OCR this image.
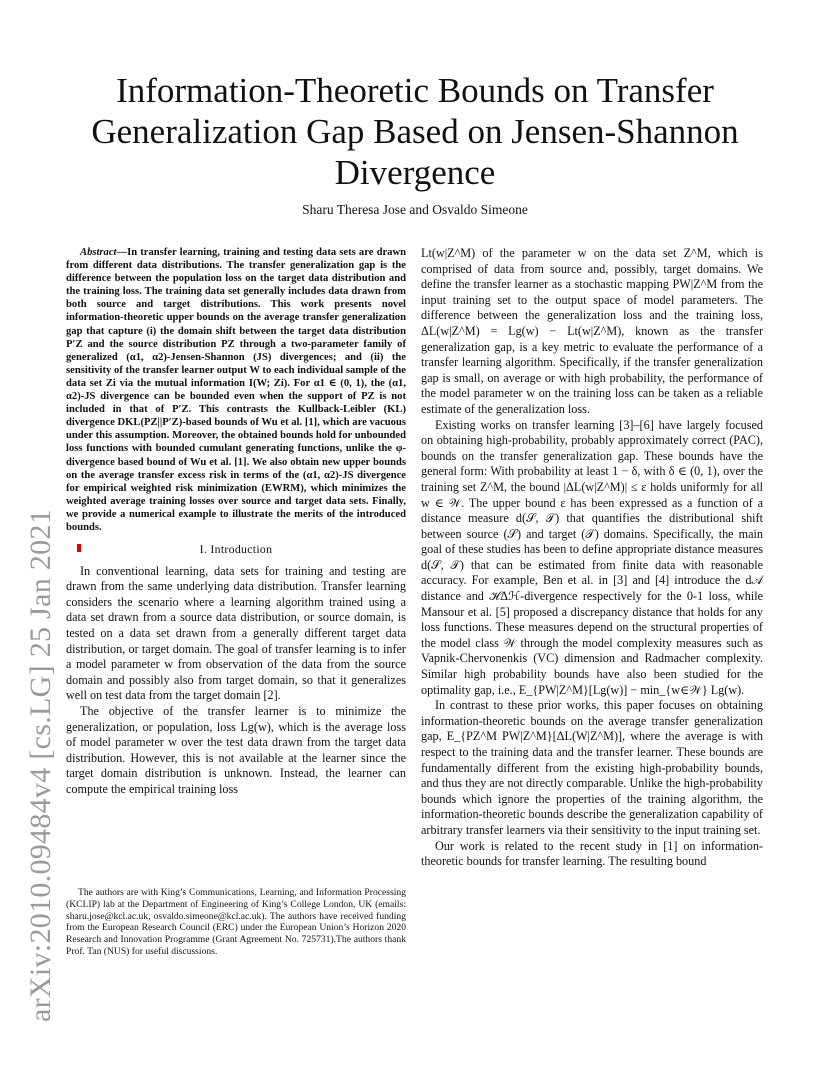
arXiv:2010.09484v4 [cs.LG] 25 Jan 2021
Information-Theoretic Bounds on Transfer Generalization Gap Based on Jensen-Shannon Divergence
Sharu Theresa Jose and Osvaldo Simeone

Abstract—In transfer learning, training and testing data sets are drawn from different data distributions. The transfer generalization gap is the difference between the population loss on the target data distribution and the training loss. The training data set generally includes data drawn from both source and target distributions. This work presents novel information-theoretic upper bounds on the average transfer generalization gap that capture (i) the domain shift between the target data distribution P′Z and the source distribution PZ through a two-parameter family of generalized (α1, α2)-Jensen-Shannon (JS) divergences; and (ii) the sensitivity of the transfer learner output W to each individual sample of the data set Zi via the mutual information I(W; Zi). For α1 ∈ (0, 1), the (α1, α2)-JS divergence can be bounded even when the support of PZ is not included in that of P′Z. This contrasts the Kullback-Leibler (KL) divergence DKL(PZ||P′Z)-based bounds of Wu et al. [1], which are vacuous under this assumption. Moreover, the obtained bounds hold for unbounded loss functions with bounded cumulant generating functions, unlike the φ-divergence based bound of Wu et al. [1]. We also obtain new upper bounds on the average transfer excess risk in terms of the (α1, α2)-JS divergence for empirical weighted risk minimization (EWRM), which minimizes the weighted average training losses over source and target data sets. Finally, we provide a numerical example to illustrate the merits of the introduced bounds.

I. Introduction

In conventional learning, data sets for training and testing are drawn from the same underlying data distribution. Transfer learning considers the scenario where a learning algorithm trained using a data set drawn from a source data distribution, or source domain, is tested on a data set drawn from a generally different target data distribution, or target domain. The goal of transfer learning is to infer a model parameter w from observation of the data from the source domain and possibly also from target domain, so that it generalizes well on test data from the target domain [2].

The objective of the transfer learner is to minimize the generalization, or population, loss Lg(w), which is the average loss of model parameter w over the test data drawn from the target data distribution. However, this is not available at the learner since the target domain distribution is unknown. Instead, the learner can compute the empirical training loss

Lt(w|Z^M) of the parameter w on the data set Z^M, which is comprised of data from source and, possibly, target domains. We define the transfer learner as a stochastic mapping PW|Z^M from the input training set to the output space of model parameters. The difference between the generalization loss and the training loss, ΔL(w|Z^M) = Lg(w) − Lt(w|Z^M), known as the transfer generalization gap, is a key metric to evaluate the performance of a transfer learning algorithm. Specifically, if the transfer generalization gap is small, on average or with high probability, the performance of the model parameter w on the training loss can be taken as a reliable estimate of the generalization loss.

Existing works on transfer learning [3]–[6] have largely focused on obtaining high-probability, probably approximately correct (PAC), bounds on the transfer generalization gap. These bounds have the general form: With probability at least 1 − δ, with δ ∈ (0, 1), over the training set Z^M, the bound |ΔL(w|Z^M)| ≤ ε holds uniformly for all w ∈ 𝒲. The upper bound ε has been expressed as a function of a distance measure d(𝒮, 𝒯) that quantifies the distributional shift between source (𝒮) and target (𝒯) domains. Specifically, the main goal of these studies has been to define appropriate distance measures d(𝒮, 𝒯) that can be estimated from finite data with reasonable accuracy. For example, Ben et al. in [3] and [4] introduce the d𝒜 distance and ℋΔℋ-divergence respectively for the 0-1 loss, while Mansour et al. [5] proposed a discrepancy distance that holds for any loss functions. These measures depend on the structural properties of the model class 𝒲 through the model complexity measures such as Vapnik-Chervonenkis (VC) dimension and Radmacher complexity. Similar high probability bounds have also been studied for the optimality gap, i.e., E_{PW|Z^M}[Lg(w)] − min_{w∈𝒲} Lg(w).

In contrast to these prior works, this paper focuses on obtaining information-theoretic bounds on the average transfer generalization gap, E_{PZ^M PW|Z^M}[ΔL(W|Z^M)], where the average is with respect to the training data and the transfer learner. These bounds are fundamentally different from the existing high-probability bounds, and thus they are not directly comparable. Unlike the high-probability bounds which ignore the properties of the training algorithm, the information-theoretic bounds describe the generalization capability of arbitrary transfer learners via their sensitivity to the input training set.

Our work is related to the recent study in [1] on information-theoretic bounds for transfer learning. The resulting bound

The authors are with King’s Communications, Learning, and Information Processing (KCLIP) lab at the Department of Engineering of King’s College London, UK (emails: sharu.jose@kcl.ac.uk, osvaldo.simeone@kcl.ac.uk). The authors have received funding from the European Research Council (ERC) under the European Union’s Horizon 2020 Research and Innovation Programme (Grant Agreement No. 725731).The authors thank Prof. Tan (NUS) for useful discussions.
